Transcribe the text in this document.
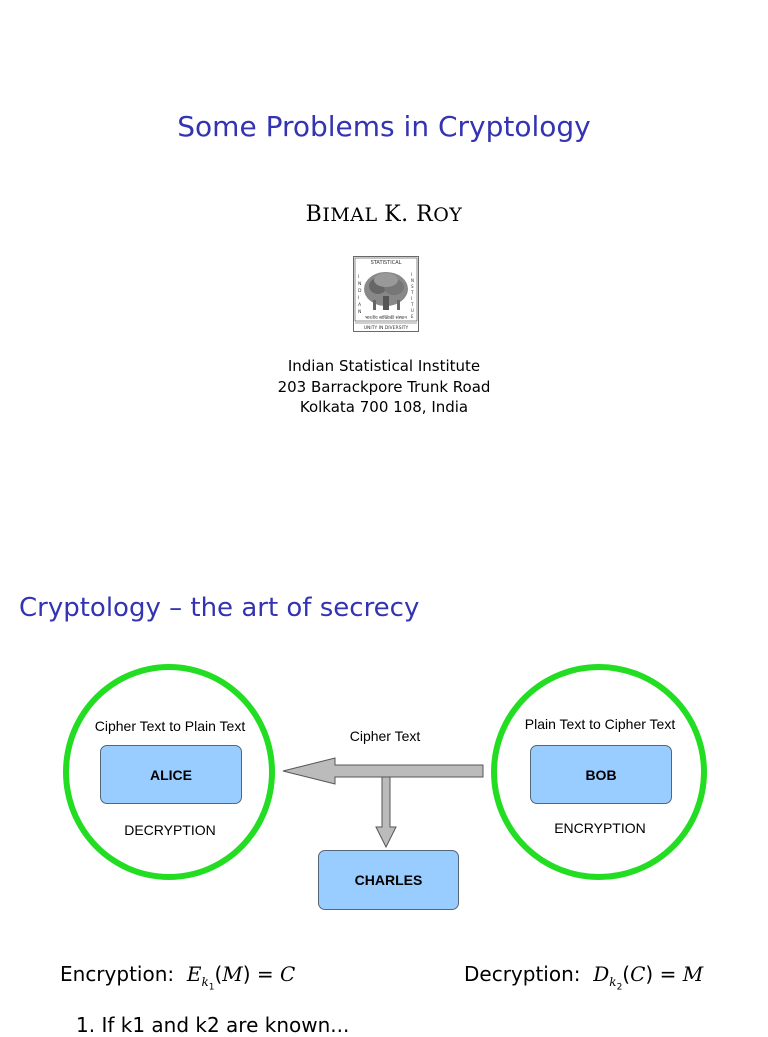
Some Problems in Cryptology
BIMAL K. ROY
STATISTICAL
I
N
D
I
A
N
I
N
S
T
I
T
U
E
भारतीय सांख्यिकी संस्थान
UNITY IN DIVERSITY
Indian Statistical Institute
203 Barrackpore Trunk Road
Kolkata 700 108, India
Cryptology – the art of secrecy
Cipher Text to Plain Text
ALICE
DECRYPTION
Plain Text to Cipher Text
BOB
ENCRYPTION
Cipher Text
CHARLES
Encryption: $E_{k_1}(M) = C$	Decryption: $D_{k_2}(C) = M$
1. If k1 and k2 are known...
